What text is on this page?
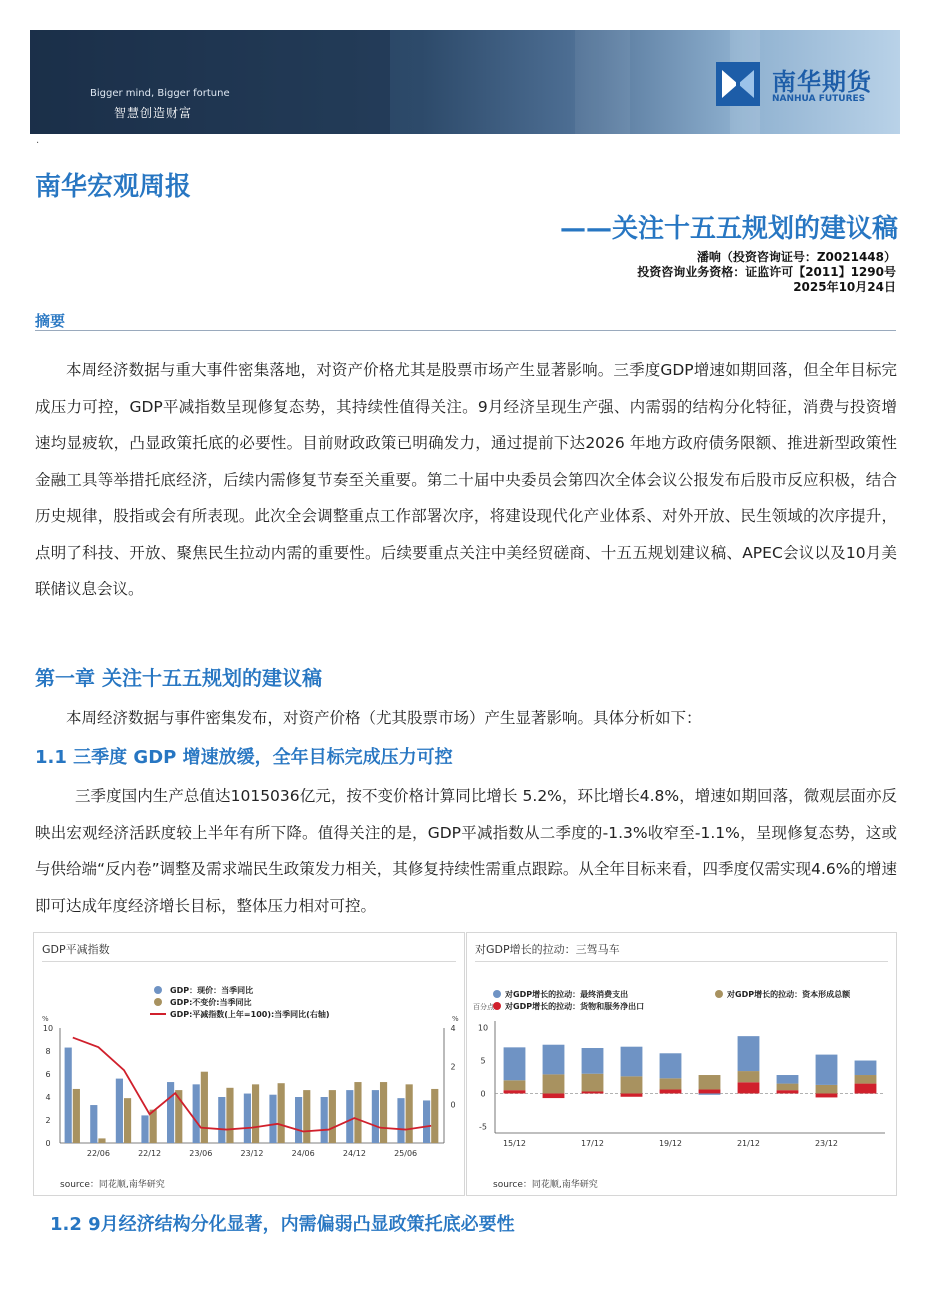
Bigger mind, Bigger fortune
智慧创造财富
南华期货
NANHUA FUTURES
·
南华宏观周报
——关注十五五规划的建议稿
潘响（投资咨询证号：Z0021448）
投资咨询业务资格：证监许可【2011】1290号
2025年10月24日
摘要
本周经济数据与重大事件密集落地，对资产价格尤其是股票市场产生显著影响。三季度GDP增速如期回落，但全年目标完成压力可控，GDP平减指数呈现修复态势，其持续性值得关注。9月经济呈现生产强、内需弱的结构分化特征，消费与投资增速均显疲软，凸显政策托底的必要性。目前财政政策已明确发力，通过提前下达2026 年地方政府债务限额、推进新型政策性金融工具等举措托底经济，后续内需修复节奏至关重要。第二十届中央委员会第四次全体会议公报发布后股市反应积极，结合历史规律，股指或会有所表现。此次全会调整重点工作部署次序，将建设现代化产业体系、对外开放、民生领域的次序提升，点明了科技、开放、聚焦民生拉动内需的重要性。后续要重点关注中美经贸磋商、十五五规划建议稿、APEC会议以及10月美联储议息会议。
第一章 关注十五五规划的建议稿
本周经济数据与事件密集发布，对资产价格（尤其股票市场）产生显著影响。具体分析如下：
1.1 三季度 GDP 增速放缓，全年目标完成压力可控
三季度国内生产总值达1015036亿元，按不变价格计算同比增长 5.2%，环比增长4.8%，增速如期回落，微观层面亦反映出宏观经济活跃度较上半年有所下降。值得关注的是，GDP平减指数从二季度的-1.3%收窄至-1.1%，呈现修复态势，这或与供给端“反内卷”调整及需求端民生政策发力相关，其修复持续性需重点跟踪。从全年目标来看，四季度仅需实现4.6%的增速即可达成年度经济增长目标，整体压力相对可控。
GDP平减指数
GDP：现价：当季同比
GDP:不变价:当季同比
GDP:平减指数(上年=100):当季同比(右轴)
%	%
10
8
6
4
2
0
4
2
0
22/06	22/12	23/06	23/12	24/06	24/12	25/06
source：同花顺,南华研究
对GDP增长的拉动：三驾马车
对GDP增长的拉动：最终消费支出	对GDP增长的拉动：资本形成总额
对GDP增长的拉动：货物和服务净出口
百分点
10
5
0
-5
15/12	17/12	19/12	21/12	23/12
source：同花顺,南华研究
1.2 9月经济结构分化显著，内需偏弱凸显政策托底必要性
